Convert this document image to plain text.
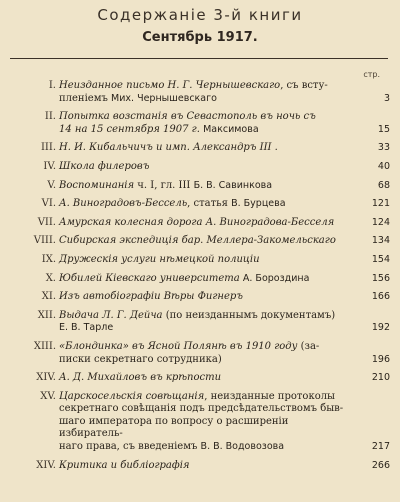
Содержаніе 3-й книги
Сентябрь 1917.
стр.
I. Неизданное письмо Н. Г. Чернышевскаго, съ всту-
пленіемъ Мих. Чернышевскаго	3
II. Попытка возстанія въ Севастополь въ ночь съ
14 на 15 сентября 1907 г. Максимова	15
III. Н. И. Кибальчичъ и имп. Александръ III .	33
IV. Школа филеровъ	40
V. Воспоминанія ч. I, гл. III Б. В. Савинкова	68
VI. А. Виноградовъ-Бессель, статья В. Бурцева	121
VII. Амурская колесная дорога А. Виноградова-Бесселя	124
VIII. Сибирская экспедиція бар. Меллера-Закомельскаго	134
IX. Дружескія услуги нѣмецкой полиціи	154
X. Юбилей Кіевскаго университета А. Бороздина	156
XI. Изъ автобіографіи Вѣры Фигнеръ	166
XII. Выдача Л. Г. Дейча (по неизданнымъ документамъ)
Е. В. Тарле	192
XIII. «Блондинка» въ Ясной Полянѣ въ 1910 году (за-
писки секретнаго сотрудника)	196
XIV. А. Д. Михайловъ въ крѣпости	210
XV. Царскосельскія совѣщанія, неизданные протоколы
секретнаго совѣщанія подъ предсѣдательствомъ быв-
шаго императора по вопросу о расширеніи избиратель-
наго права, съ введеніемъ В. В. Водовозова	217
XIV. Критика и библіографія	266
